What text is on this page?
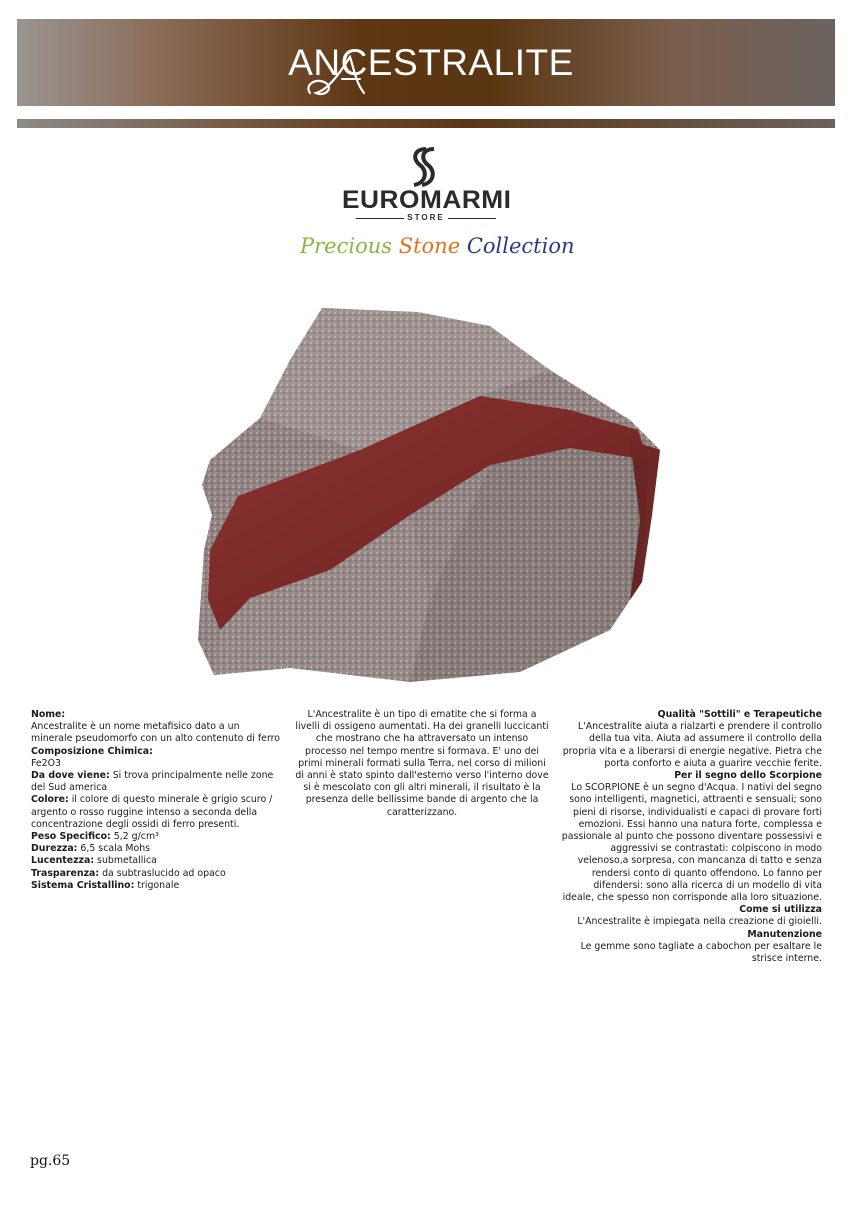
ANCESTRALITE
EUROMARMI
STORE
Precious Stone Collection

Nome:

Ancestralite è un nome metafisico dato a un minerale pseudomorfo con un alto contenuto di ferro

Composizione Chimica:

Fe2O3

Da dove viene: Si trova principalmente nelle zone del Sud america

Colore: il colore di questo minerale è grigio scuro / argento o rosso ruggine intenso a seconda della concentrazione degli ossidi di ferro presenti.

Peso Specifico: 5,2 g/cm³

Durezza: 6,5 scala Mohs

Lucentezza: submetallica

Trasparenza: da subtraslucido ad opaco

Sistema Cristallino: trigonale

L'Ancestralite è un tipo di ematite che si forma a livelli di ossigeno aumentati. Ha dei granelli luccicanti che mostrano che ha attraversato un intenso processo nel tempo mentre si formava. E' uno dei primi minerali formati sulla Terra, nel corso di milioni di anni è stato spinto dall'esterno verso l'interno dove si è mescolato con gli altri minerali, il risultato è la presenza delle bellissime bande di argento che la caratterizzano.

Qualità "Sottili" e Terapeutiche

L'Ancestralite aiuta a rialzarti e prendere il controllo della tua vita. Aiuta ad assumere il controllo della propria vita e a liberarsi di energie negative. Pietra che porta conforto e aiuta a guarire vecchie ferite.

Per il segno dello Scorpione

Lo SCORPIONE è un segno d'Acqua. I nativi del segno sono intelligenti, magnetici, attraenti e sensuali; sono pieni di risorse, individualisti e capaci di provare forti emozioni. Essi hanno una natura forte, complessa e passionale al punto che possono diventare possessivi e aggressivi se contrastati: colpiscono in modo velenoso,a sorpresa, con mancanza di tatto e senza rendersi conto di quanto offendono. Lo fanno per difendersi: sono alla ricerca di un modello di vita ideale, che spesso non corrisponde alla loro situazione.

Come si utilizza

L'Ancestralite è impiegata nella creazione di gioielli.

Manutenzione

Le gemme sono tagliate a cabochon per esaltare le strisce interne.

pg.65
